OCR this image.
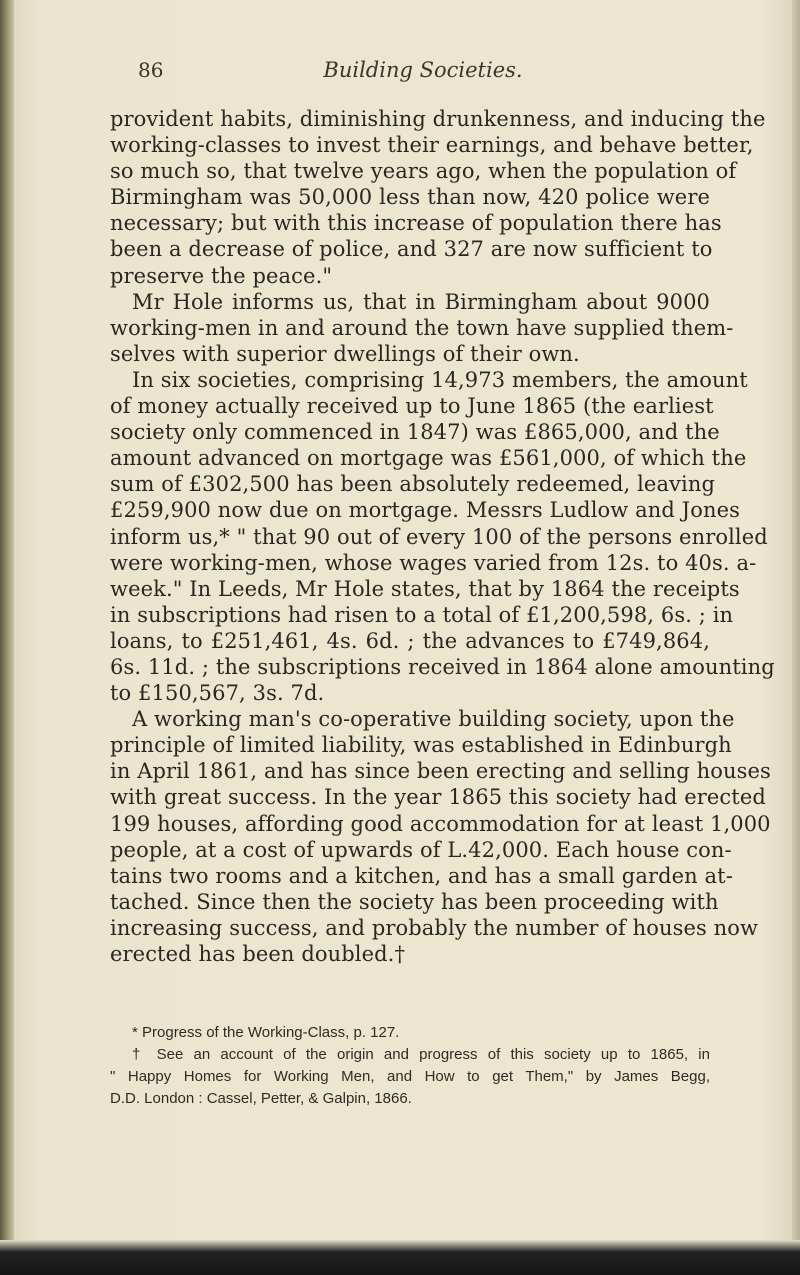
86	Building Societies.
provident habits, diminishing drunkenness, and inducing the
working-classes to invest their earnings, and behave better,
so much so, that twelve years ago, when the population of
Birmingham was 50,000 less than now, 420 police were
necessary; but with this increase of population there has
been a decrease of police, and 327 are now sufficient to
preserve the peace."
Mr Hole informs us, that in Birmingham about 9000
working-men in and around the town have supplied them-
selves with superior dwellings of their own.
In six societies, comprising 14,973 members, the amount
of money actually received up to June 1865 (the earliest
society only commenced in 1847) was £865,000, and the
amount advanced on mortgage was £561,000, of which the
sum of £302,500 has been absolutely redeemed, leaving
£259,900 now due on mortgage. Messrs Ludlow and Jones
inform us,* " that 90 out of every 100 of the persons enrolled
were working-men, whose wages varied from 12s. to 40s. a-
week." In Leeds, Mr Hole states, that by 1864 the receipts
in subscriptions had risen to a total of £1,200,598, 6s. ; in
loans, to £251,461, 4s. 6d. ; the advances to £749,864,
6s. 11d. ; the subscriptions received in 1864 alone amounting
to £150,567, 3s. 7d.
A working man's co-operative building society, upon the
principle of limited liability, was established in Edinburgh
in April 1861, and has since been erecting and selling houses
with great success. In the year 1865 this society had erected
199 houses, affording good accommodation for at least 1,000
people, at a cost of upwards of L.42,000. Each house con-
tains two rooms and a kitchen, and has a small garden at-
tached. Since then the society has been proceeding with
increasing success, and probably the number of houses now
erected has been doubled.†
* Progress of the Working-Class, p. 127.
† See an account of the origin and progress of this society up to 1865, in
" Happy Homes for Working Men, and How to get Them," by James Begg,
D.D. London : Cassel, Petter, & Galpin, 1866.
